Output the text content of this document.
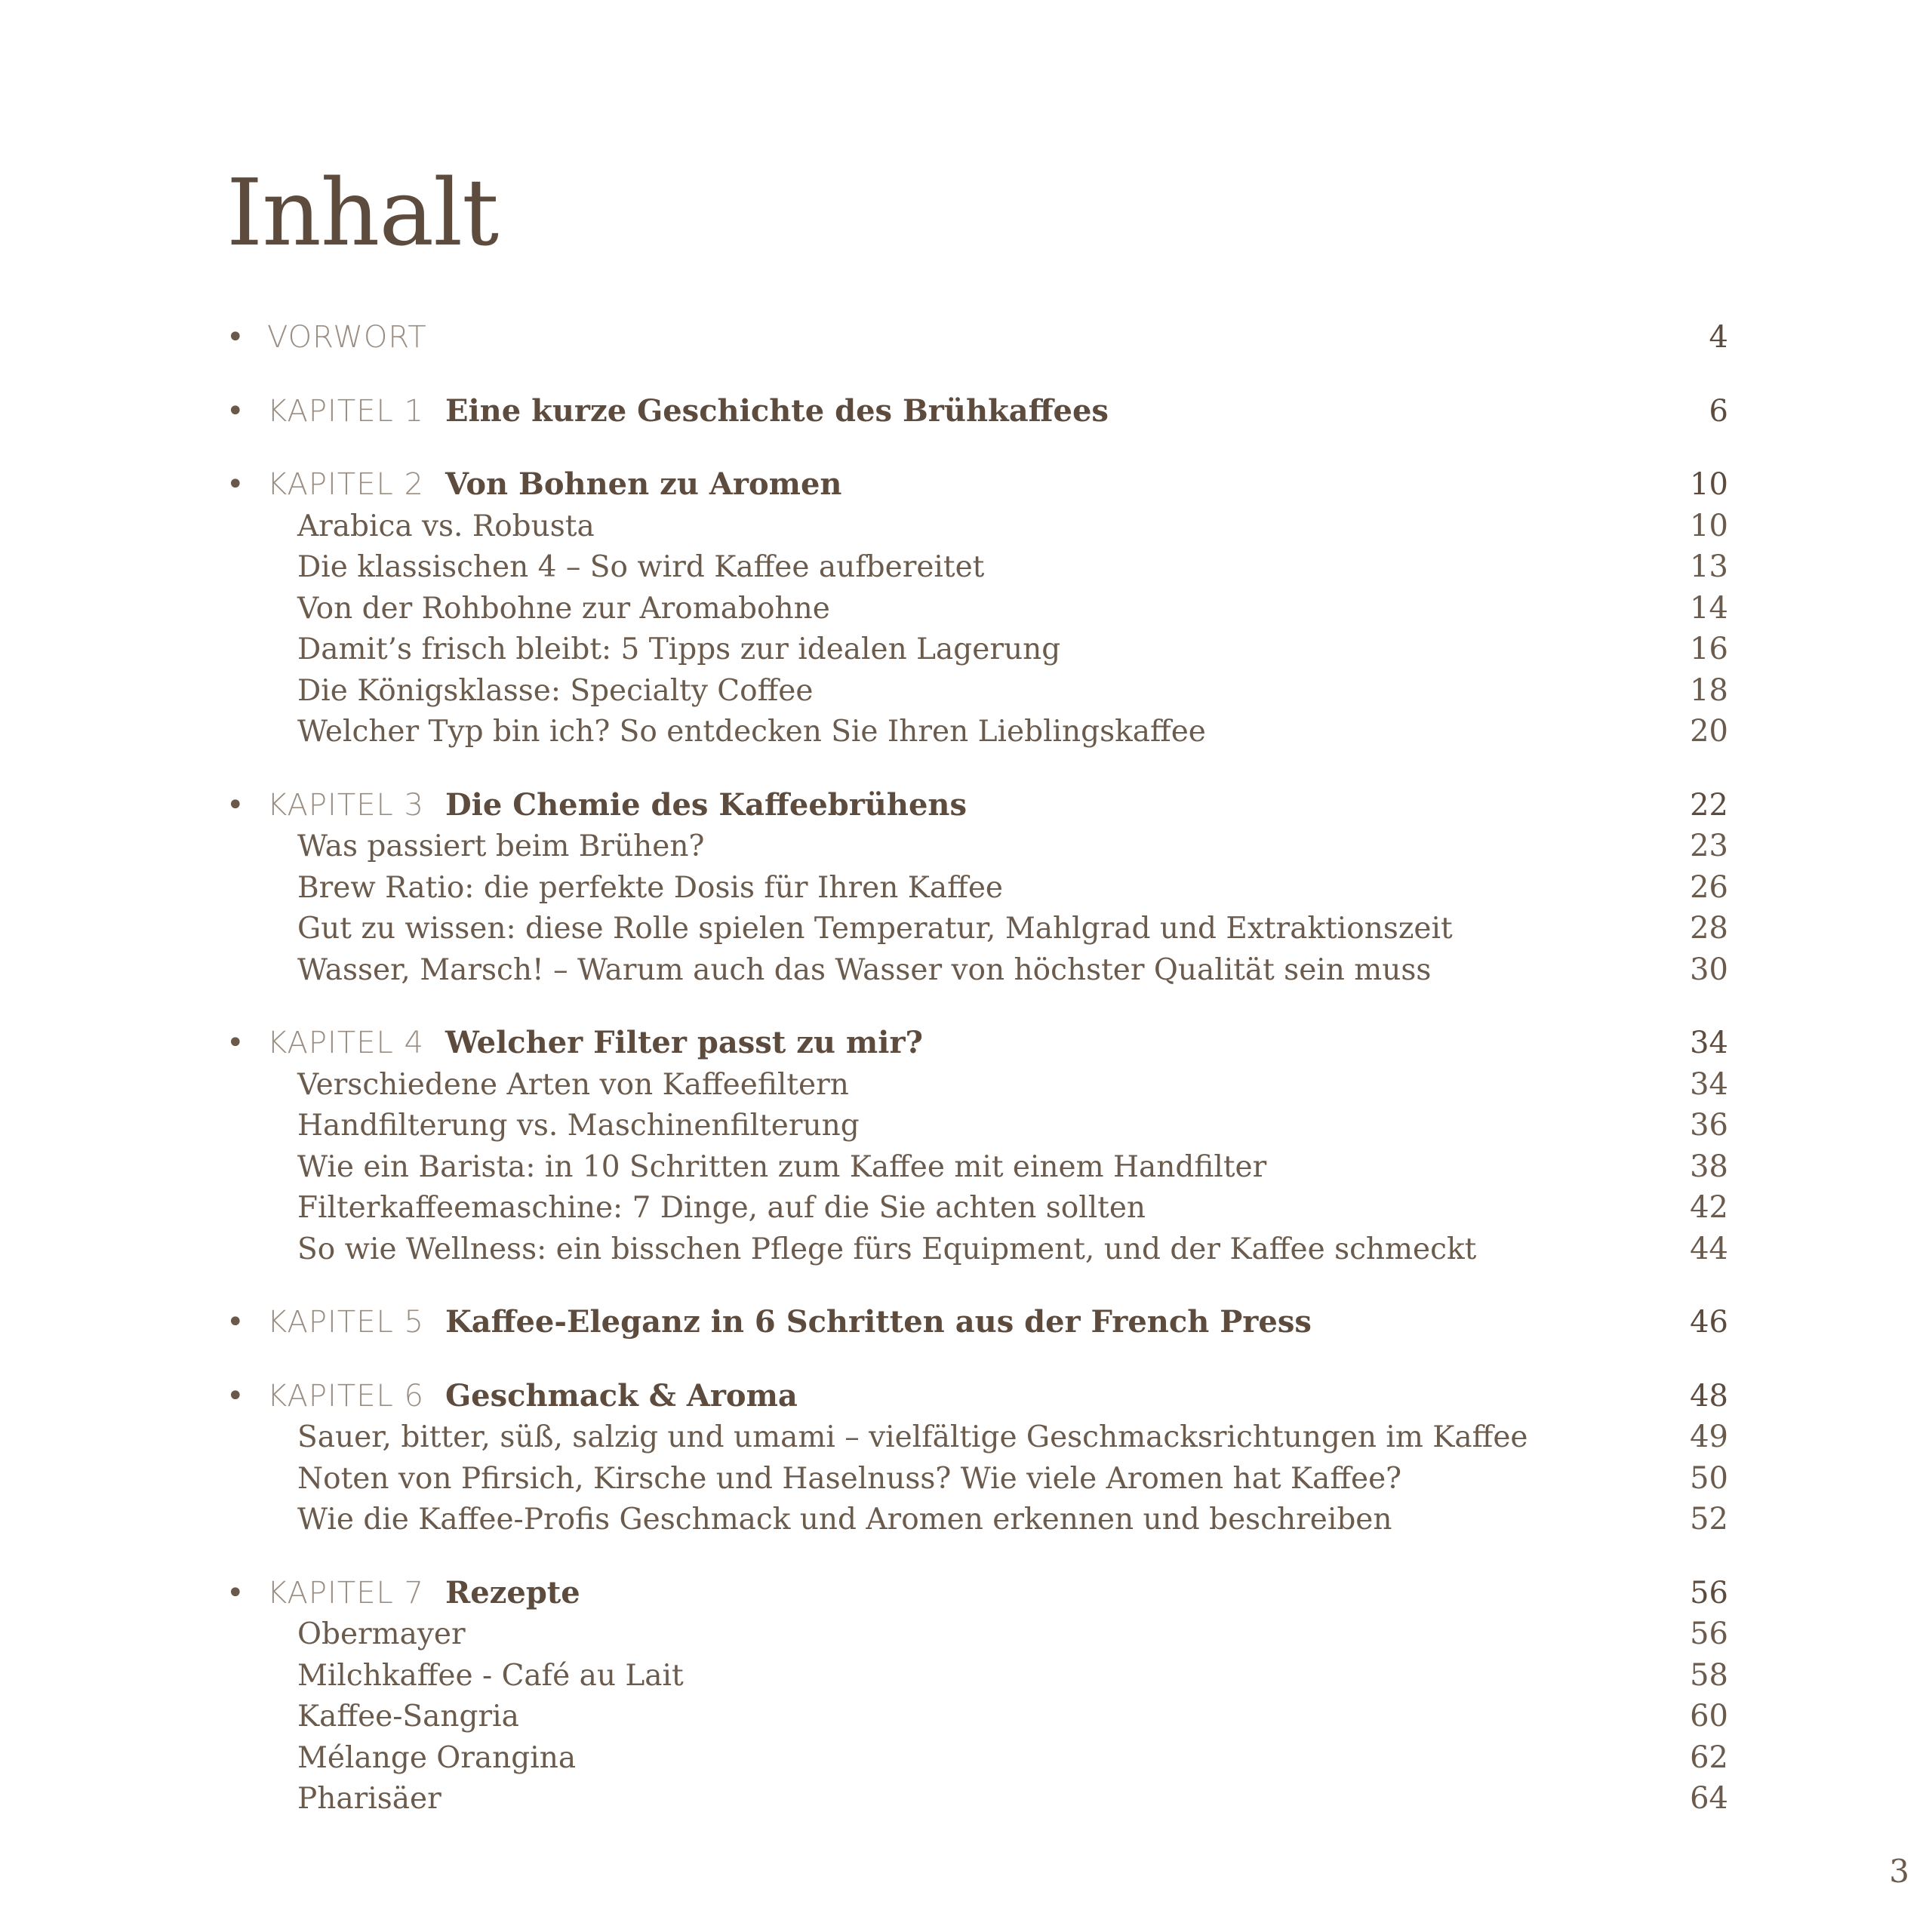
Inhalt
• VORWORT	4
• KAPITEL 1 Eine kurze Geschichte des Brühkaffees	6
• KAPITEL 2 Von Bohnen zu Aromen	10
Arabica vs. Robusta	10
Die klassischen 4 – So wird Kaffee aufbereitet	13
Von der Rohbohne zur Aromabohne	14
Damit’s frisch bleibt: 5 Tipps zur idealen Lagerung	16
Die Königsklasse: Specialty Coffee	18
Welcher Typ bin ich? So entdecken Sie Ihren Lieblingskaffee	20
• KAPITEL 3 Die Chemie des Kaffeebrühens	22
Was passiert beim Brühen?	23
Brew Ratio: die perfekte Dosis für Ihren Kaffee	26
Gut zu wissen: diese Rolle spielen Temperatur, Mahlgrad und Extraktionszeit	28
Wasser, Marsch! – Warum auch das Wasser von höchster Qualität sein muss	30
• KAPITEL 4 Welcher Filter passt zu mir?	34
Verschiedene Arten von Kaffeefiltern	34
Handfilterung vs. Maschinenfilterung	36
Wie ein Barista: in 10 Schritten zum Kaffee mit einem Handfilter	38
Filterkaffeemaschine: 7 Dinge, auf die Sie achten sollten	42
So wie Wellness: ein bisschen Pflege fürs Equipment, und der Kaffee schmeckt	44
• KAPITEL 5 Kaffee-Eleganz in 6 Schritten aus der French Press	46
• KAPITEL 6 Geschmack & Aroma	48
Sauer, bitter, süß, salzig und umami – vielfältige Geschmacksrichtungen im Kaffee	49
Noten von Pfirsich, Kirsche und Haselnuss? Wie viele Aromen hat Kaffee?	50
Wie die Kaffee-Profis Geschmack und Aromen erkennen und beschreiben	52
• KAPITEL 7 Rezepte	56
Obermayer	56
Milchkaffee - Café au Lait	58
Kaffee-Sangria	60
Mélange Orangina	62
Pharisäer	64
3
